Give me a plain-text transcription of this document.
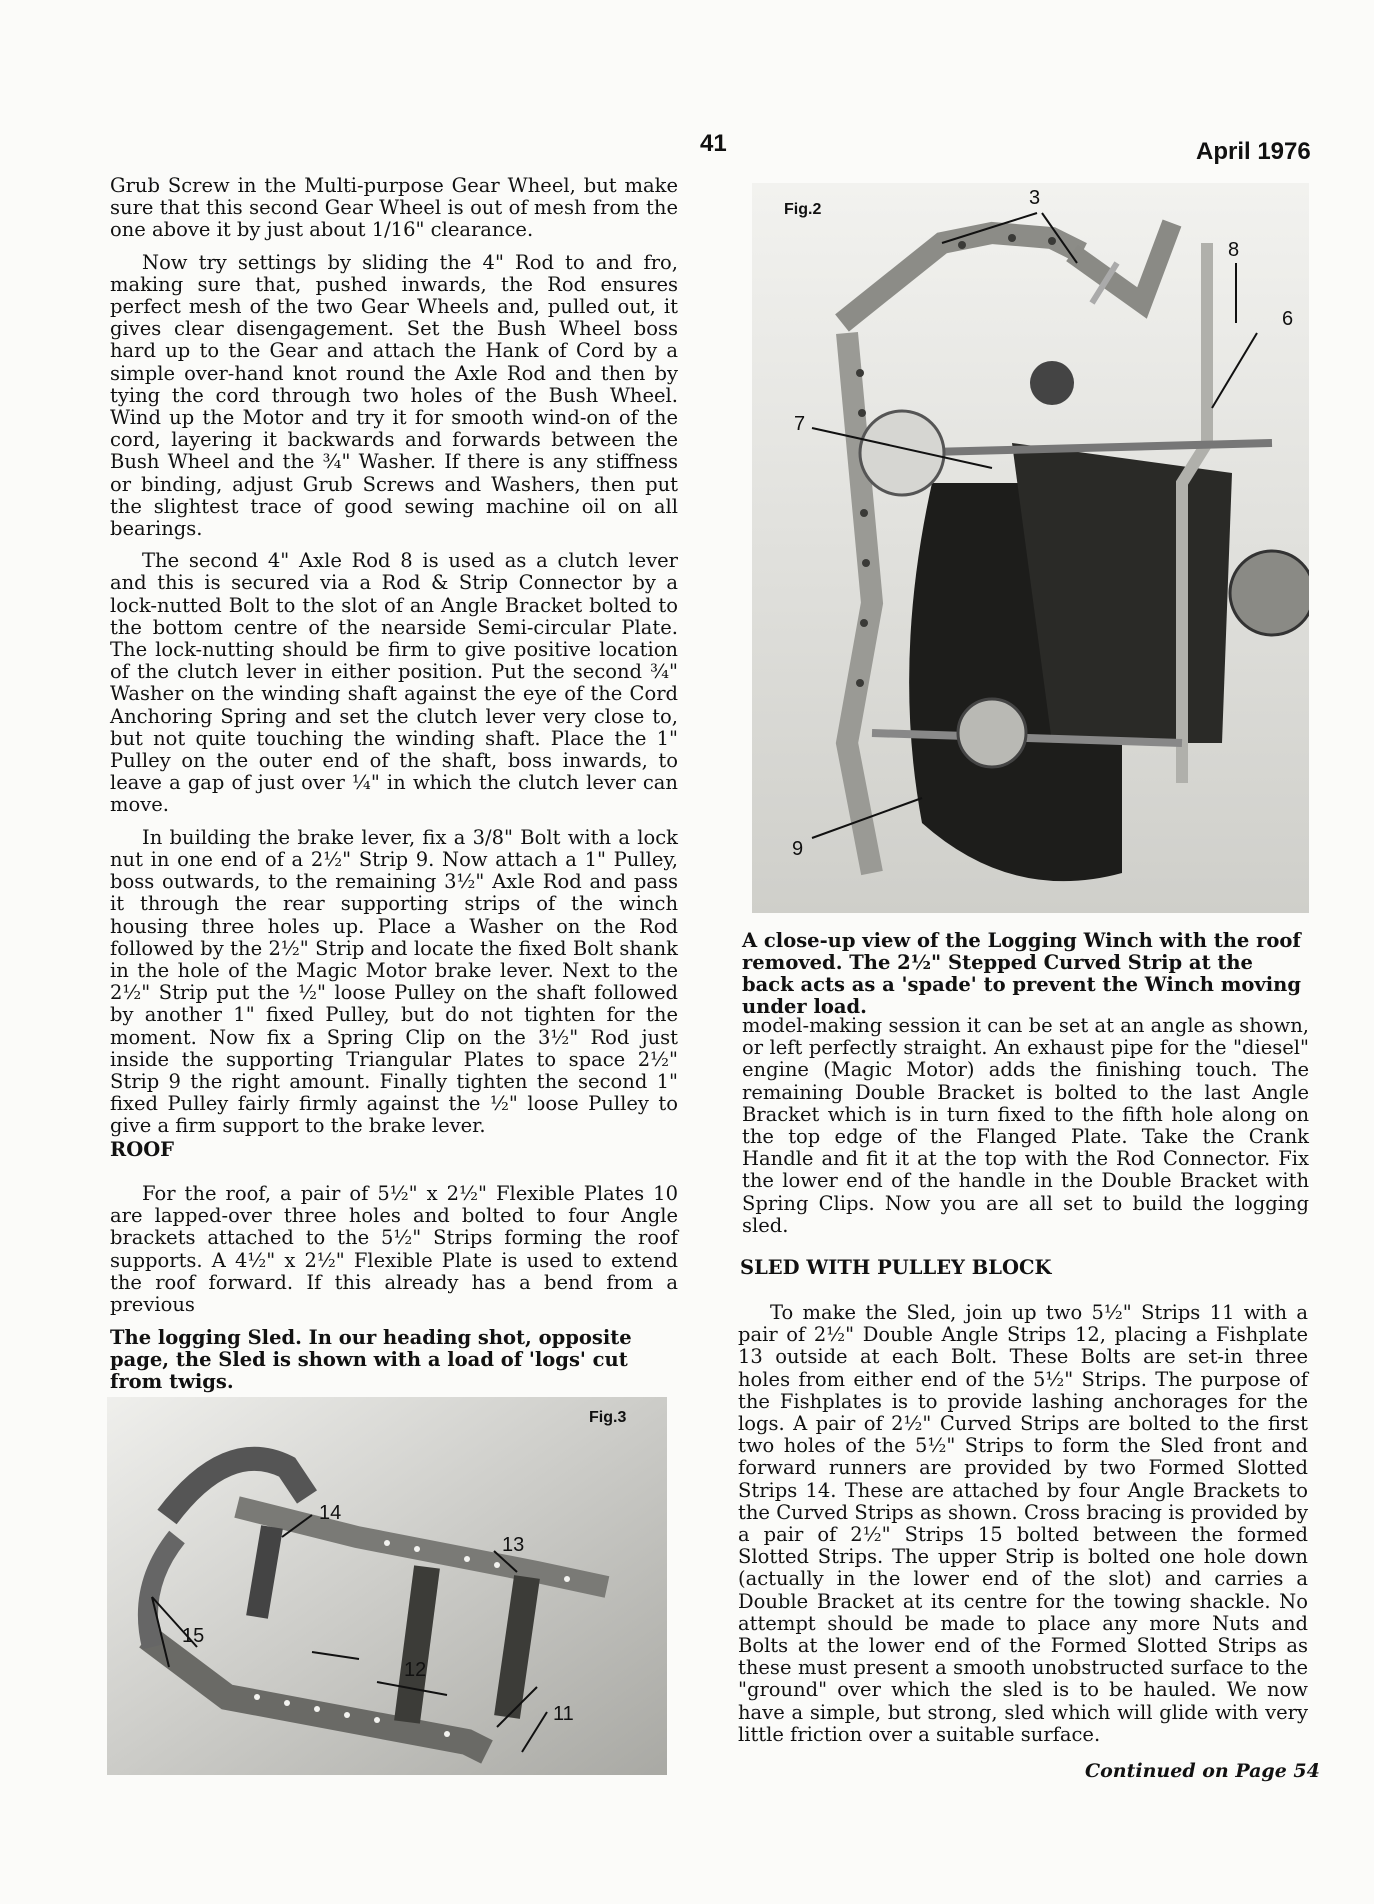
41	April 1976

Grub Screw in the Multi-purpose Gear Wheel, but make sure that this second Gear Wheel is out of mesh from the one above it by just about 1/16" clearance.

Now try settings by sliding the 4" Rod to and fro, making sure that, pushed inwards, the Rod ensures perfect mesh of the two Gear Wheels and, pulled out, it gives clear disengagement. Set the Bush Wheel boss hard up to the Gear and attach the Hank of Cord by a simple over-hand knot round the Axle Rod and then by tying the cord through two holes of the Bush Wheel. Wind up the Motor and try it for smooth wind-on of the cord, layering it backwards and forwards between the Bush Wheel and the ¾" Washer. If there is any stiffness or binding, adjust Grub Screws and Washers, then put the slightest trace of good sewing machine oil on all bearings.

The second 4" Axle Rod 8 is used as a clutch lever and this is secured via a Rod & Strip Connector by a lock-nutted Bolt to the slot of an Angle Bracket bolted to the bottom centre of the nearside Semi-circular Plate. The lock-nutting should be firm to give positive location of the clutch lever in either position. Put the second ¾" Washer on the winding shaft against the eye of the Cord Anchoring Spring and set the clutch lever very close to, but not quite touching the winding shaft. Place the 1" Pulley on the outer end of the shaft, boss inwards, to leave a gap of just over ¼" in which the clutch lever can move.

In building the brake lever, fix a 3/8" Bolt with a lock nut in one end of a 2½" Strip 9. Now attach a 1" Pulley, boss outwards, to the remaining 3½" Axle Rod and pass it through the rear supporting strips of the winch housing three holes up. Place a Washer on the Rod followed by the 2½" Strip and locate the fixed Bolt shank in the hole of the Magic Motor brake lever. Next to the 2½" Strip put the ½" loose Pulley on the shaft followed by another 1" fixed Pulley, but do not tighten for the moment. Now fix a Spring Clip on the 3½" Rod just inside the supporting Triangular Plates to space 2½" Strip 9 the right amount. Finally tighten the second 1" fixed Pulley fairly firmly against the ½" loose Pulley to give a firm support to the brake lever.

ROOF

For the roof, a pair of 5½" x 2½" Flexible Plates 10 are lapped-over three holes and bolted to four Angle brackets attached to the 5½" Strips forming the roof supports. A 4½" x 2½" Flexible Plate is used to extend the roof forward. If this already has a bend from a previous

The logging Sled. In our heading shot, opposite page, the Sled is shown with a load of 'logs' cut from twigs.
Fig.3
14
13
12
15
11
Fig.2
3
8
6
7
9
A close-up view of the Logging Winch with the roof removed. The 2½" Stepped Curved Strip at the back acts as a 'spade' to prevent the Winch moving under load.

model-making session it can be set at an angle as shown, or left perfectly straight. An exhaust pipe for the "diesel" engine (Magic Motor) adds the finishing touch. The remaining Double Bracket is bolted to the last Angle Bracket which is in turn fixed to the fifth hole along on the top edge of the Flanged Plate. Take the Crank Handle and fit it at the top with the Rod Connector. Fix the lower end of the handle in the Double Bracket with Spring Clips. Now you are all set to build the logging sled.

SLED WITH PULLEY BLOCK

To make the Sled, join up two 5½" Strips 11 with a pair of 2½" Double Angle Strips 12, placing a Fishplate 13 outside at each Bolt. These Bolts are set-in three holes from either end of the 5½" Strips. The purpose of the Fishplates is to provide lashing anchorages for the logs. A pair of 2½" Curved Strips are bolted to the first two holes of the 5½" Strips to form the Sled front and forward runners are provided by two Formed Slotted Strips 14. These are attached by four Angle Brackets to the Curved Strips as shown. Cross bracing is provided by a pair of 2½" Strips 15 bolted between the formed Slotted Strips. The upper Strip is bolted one hole down (actually in the lower end of the slot) and carries a Double Bracket at its centre for the towing shackle. No attempt should be made to place any more Nuts and Bolts at the lower end of the Formed Slotted Strips as these must present a smooth unobstructed surface to the "ground" over which the sled is to be hauled. We now have a simple, but strong, sled which will glide with very little friction over a suitable surface.

Continued on Page 54
